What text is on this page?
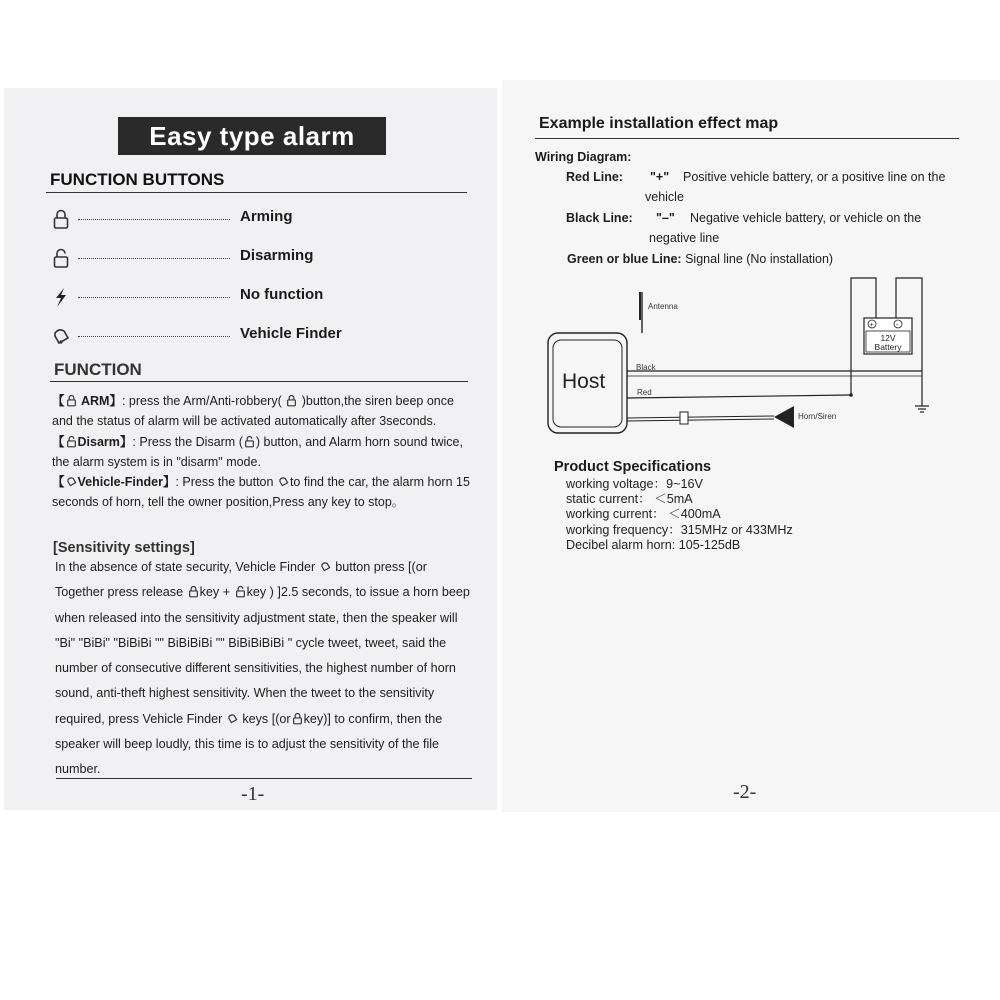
Easy type alarm
FUNCTION BUTTONS
Arming
Disarming
No function
Vehicle Finder
FUNCTION
【 ARM】: press the Arm/Anti-robbery( )button,the siren beep once and the status of alarm will be activated automatically after 3seconds.
【 Disarm】: Press the Disarm ( ) button, and Alarm horn sound twice, the alarm system is in "disarm" mode.
【 Vehicle-Finder】: Press the button to find the car, the alarm horn 15 seconds of horn, tell the owner position,Press any key to stop。
[Sensitivity settings]
In the absence of state security, Vehicle Finder button press [(or Together press release key + key ) ]2.5 seconds, to issue a horn beep when released into the sensitivity adjustment state, then the speaker will "Bi" "BiBi" "BiBiBi "" BiBiBiBi "" BiBiBiBiBi " cycle tweet, tweet, said the number of consecutive different sensitivities, the highest number of horn sound, anti-theft highest sensitivity. When the tweet to the sensitivity required, press Vehicle Finder keys [(or key)] to confirm, then the speaker will beep loudly, this time is to adjust the sensitivity of the file number.
-1-
Example installation effect map
Wiring Diagram:
Red Line:	"+"	Positive vehicle battery, or a positive line on the vehicle
Black Line: "–"	Negative vehicle battery, or vehicle on the negative line
Green or blue Line: Signal line (No installation)
Antenna
Host
Black
Red
+	-
12V
Battery
Horn/Siren
Product Specifications
working voltage：9~16V
static current： ＜5mA
working current： ＜400mA
working frequency：315MHz or 433MHz
Decibel alarm horn: 105-125dB
-2-
